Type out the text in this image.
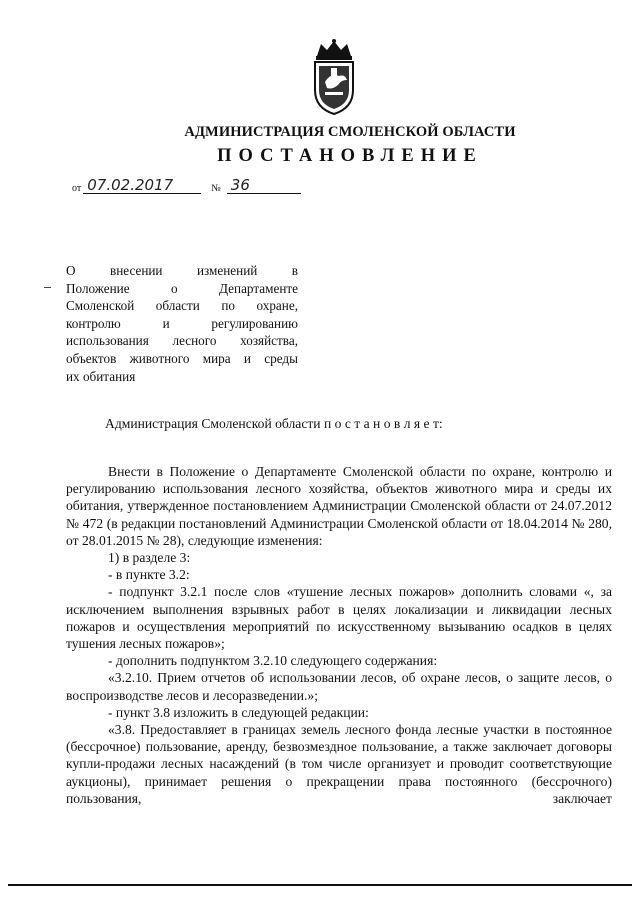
АДМИНИСТРАЦИЯ СМОЛЕНСКОЙ ОБЛАСТИ
ПОСТАНОВЛЕНИЕ
от 07.02.2017	№ 36
О внесении изменений в
Положение о Департаменте
Смоленской области по охране,
контролю и регулированию
использования лесного хозяйства,
объектов животного мира и среды
их обитания
Администрация Смоленской области п о с т а н о в л я е т:

Внести в Положение о Департаменте Смоленской области по охране, контролю и регулированию использования лесного хозяйства, объектов животного мира и среды их обитания, утвержденное постановлением Администрации Смоленской области от 24.07.2012 № 472 (в редакции постановлений Администрации Смоленской области от 18.04.2014 № 280, от 28.01.2015 № 28), следующие изменения:

1) в разделе 3:

- в пункте 3.2:

- подпункт 3.2.1 после слов «тушение лесных пожаров» дополнить словами «, за исключением выполнения взрывных работ в целях локализации и ликвидации лесных пожаров и осуществления мероприятий по искусственному вызыванию осадков в целях тушения лесных пожаров»;

- дополнить подпунктом 3.2.10 следующего содержания:

«3.2.10. Прием отчетов об использовании лесов, об охране лесов, о защите лесов, о воспроизводстве лесов и лесоразведении.»;

- пункт 3.8 изложить в следующей редакции:

«3.8. Предоставляет в границах земель лесного фонда лесные участки в постоянное (бессрочное) пользование, аренду, безвозмездное пользование, а также заключает договоры купли-продажи лесных насаждений (в том числе организует и проводит соответствующие аукционы), принимает решения о прекращении права постоянного (бессрочного) пользования, заключает
